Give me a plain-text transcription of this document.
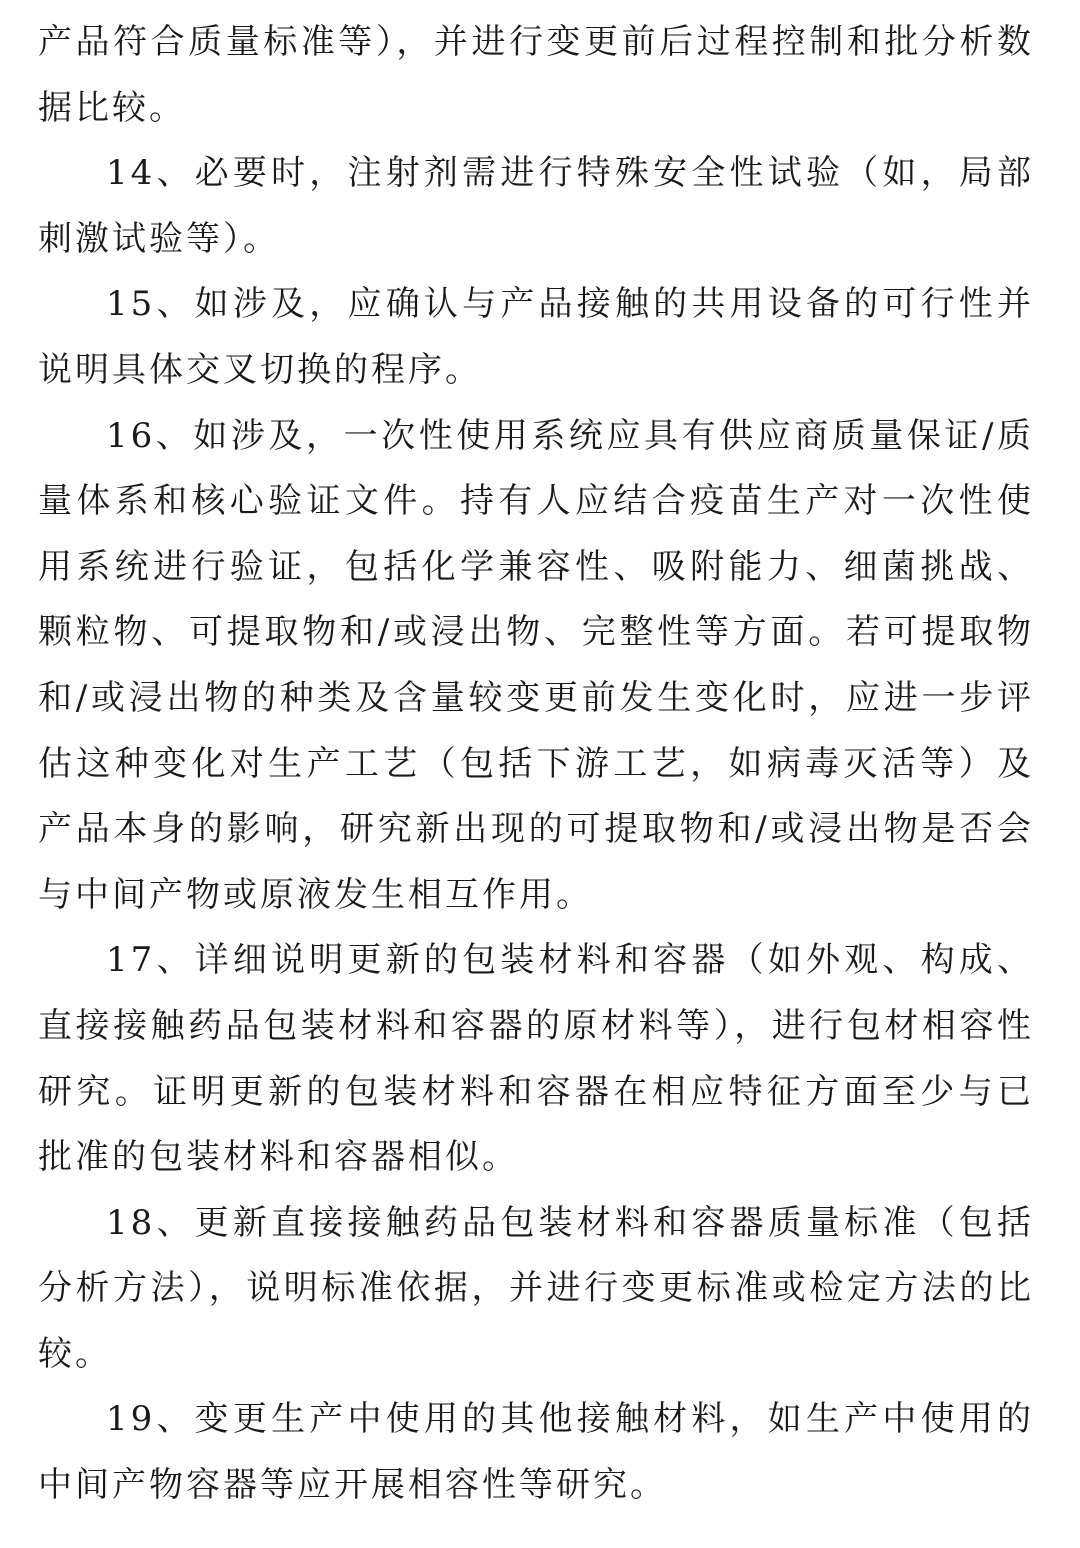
产品符合质量标准等），并进行变更前后过程控制和批分析数据比较。

14、必要时，注射剂需进行特殊安全性试验（如，局部刺激试验等）。

15、如涉及，应确认与产品接触的共用设备的可行性并说明具体交叉切换的程序。

16、如涉及，一次性使用系统应具有供应商质量保证/质量体系和核心验证文件。持有人应结合疫苗生产对一次性使用系统进行验证，包括化学兼容性、吸附能力、细菌挑战、颗粒物、可提取物和/或浸出物、完整性等方面。若可提取物和/或浸出物的种类及含量较变更前发生变化时，应进一步评估这种变化对生产工艺（包括下游工艺，如病毒灭活等）及产品本身的影响，研究新出现的可提取物和/或浸出物是否会与中间产物或原液发生相互作用。

17、详细说明更新的包装材料和容器（如外观、构成、直接接触药品包装材料和容器的原材料等），进行包材相容性研究。证明更新的包装材料和容器在相应特征方面至少与已批准的包装材料和容器相似。

18、更新直接接触药品包装材料和容器质量标准（包括分析方法），说明标准依据，并进行变更标准或检定方法的比较。

19、变更生产中使用的其他接触材料，如生产中使用的中间产物容器等应开展相容性等研究。
